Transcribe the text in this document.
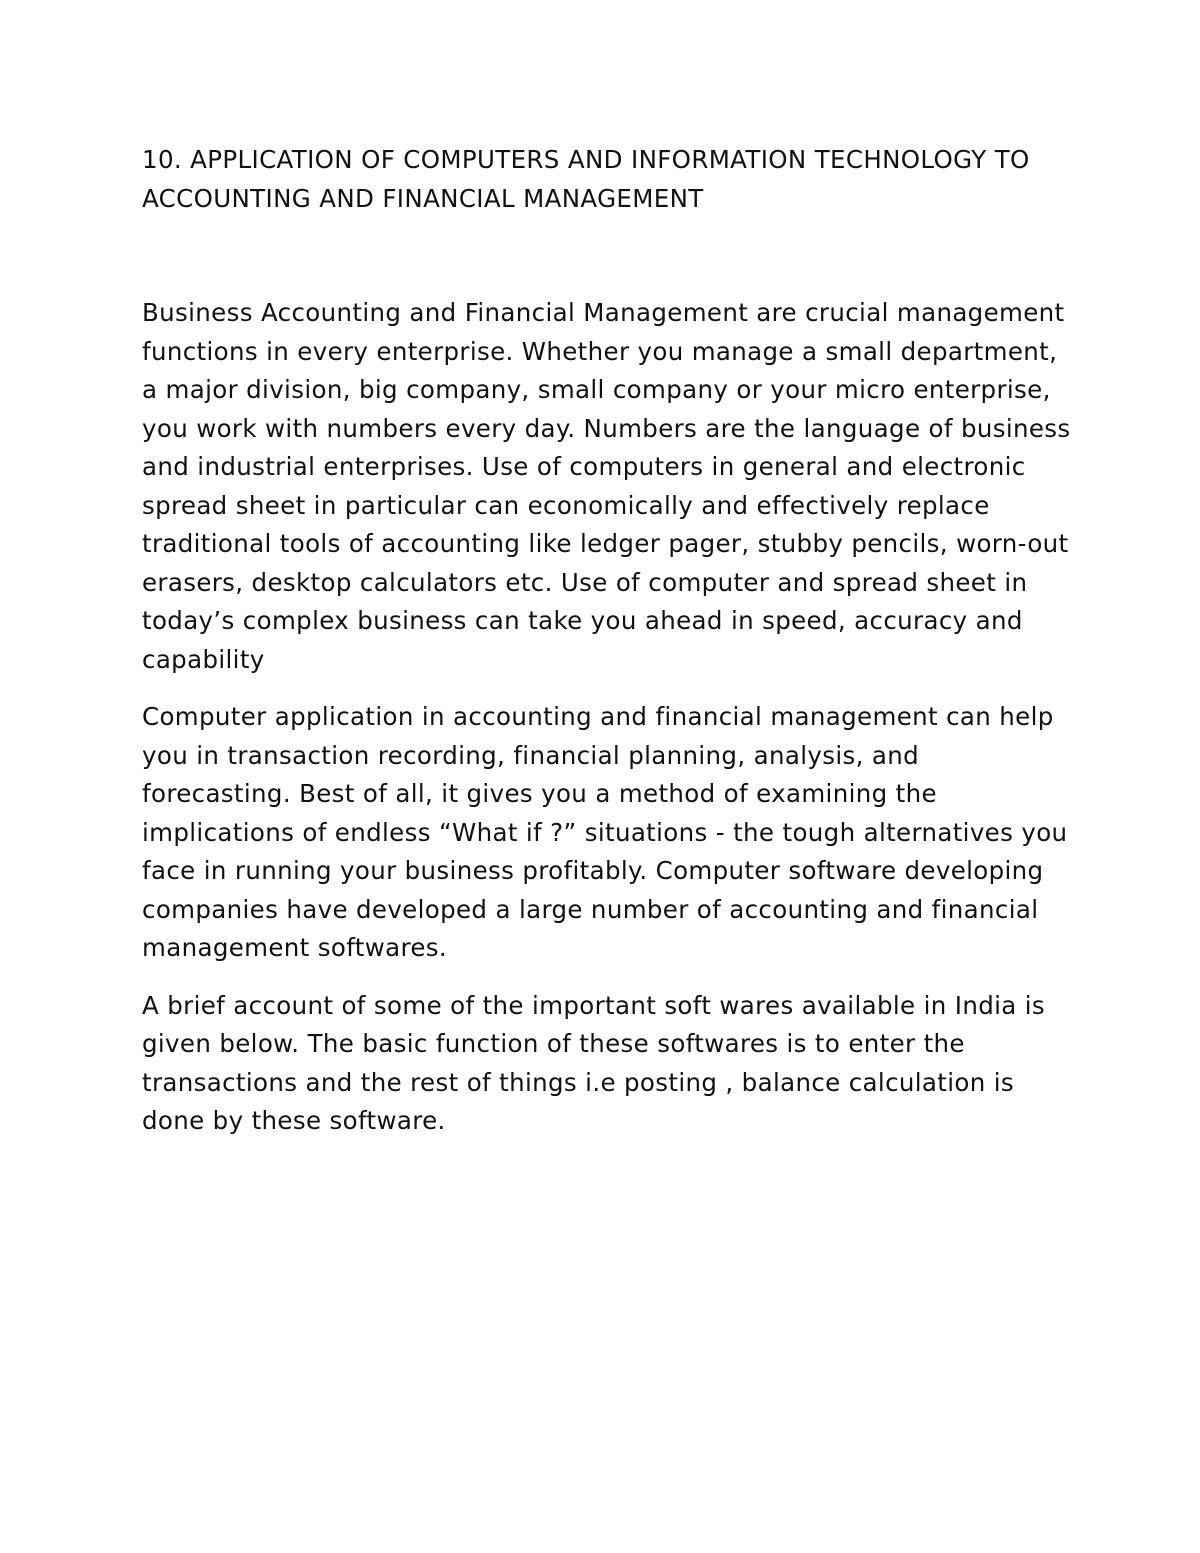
10. APPLICATION OF COMPUTERS AND INFORMATION TECHNOLOGY TO ACCOUNTING AND FINANCIAL MANAGEMENT

Business Accounting and Financial Management are crucial management functions in every enterprise. Whether you manage a small department, a major division, big company, small company or your micro enterprise, you work with numbers every day. Numbers are the language of business and industrial enterprises. Use of computers in general and electronic spread sheet in particular can economically and effectively replace traditional tools of accounting like ledger pager, stubby pencils, worn-out erasers, desktop calculators etc. Use of computer and spread sheet in today’s complex business can take you ahead in speed, accuracy and capability

Computer application in accounting and financial management can help you in transaction recording, financial planning, analysis, and forecasting. Best of all, it gives you a method of examining the implications of endless “What if ?” situations - the tough alternatives you face in running your business profitably. Computer software developing companies have developed a large number of accounting and financial management softwares.

A brief account of some of the important soft wares available in India is given below. The basic function of these softwares is to enter the transactions and the rest of things i.e posting , balance calculation is done by these software.
